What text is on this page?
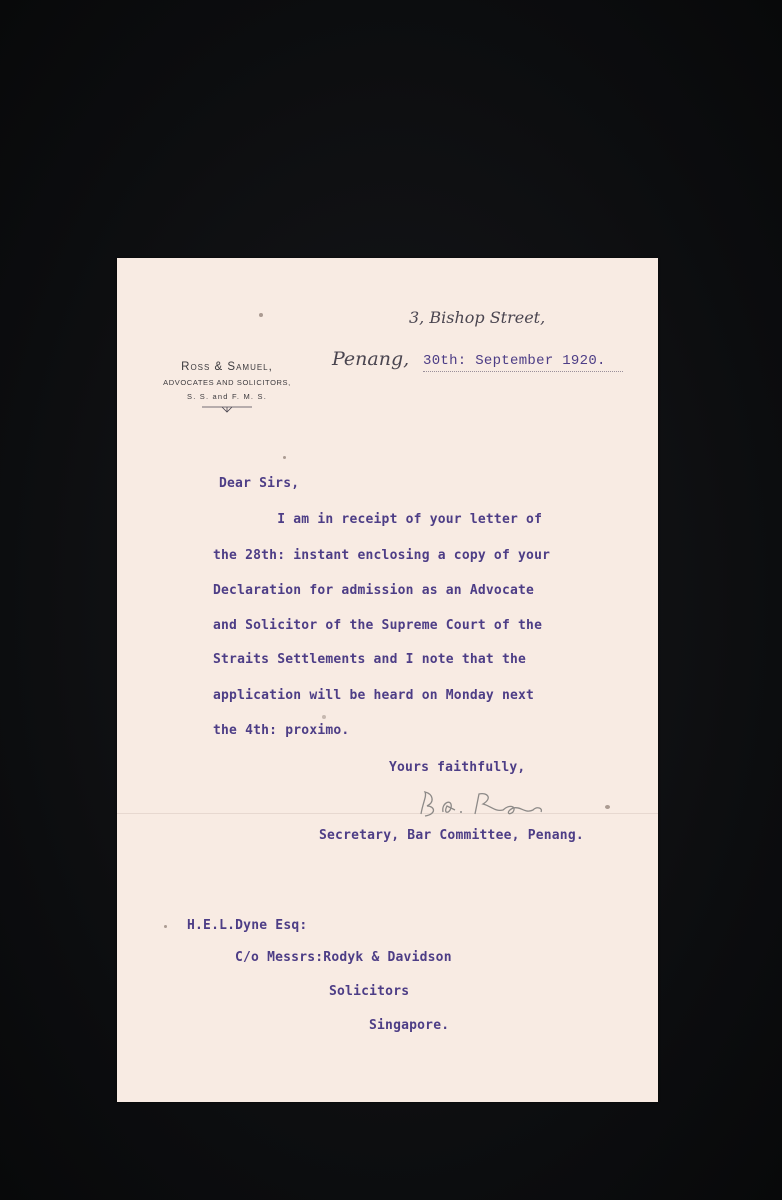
Ross & Samuel,
ADVOCATES AND SOLICITORS,
S. S. and F. M. S.
3, Bishop Street,
Penang, 30th: September 1920.
Dear Sirs,
I am in receipt of your letter of
the 28th: instant enclosing a copy of your
Declaration for admission as an Advocate
and Solicitor of the Supreme Court of the
Straits Settlements and I note that the
application will be heard on Monday next
the 4th: proximo.
Yours faithfully,
Secretary, Bar Committee, Penang.
H.E.L.Dyne Esq:
C/o Messrs:Rodyk & Davidson
Solicitors
Singapore.
